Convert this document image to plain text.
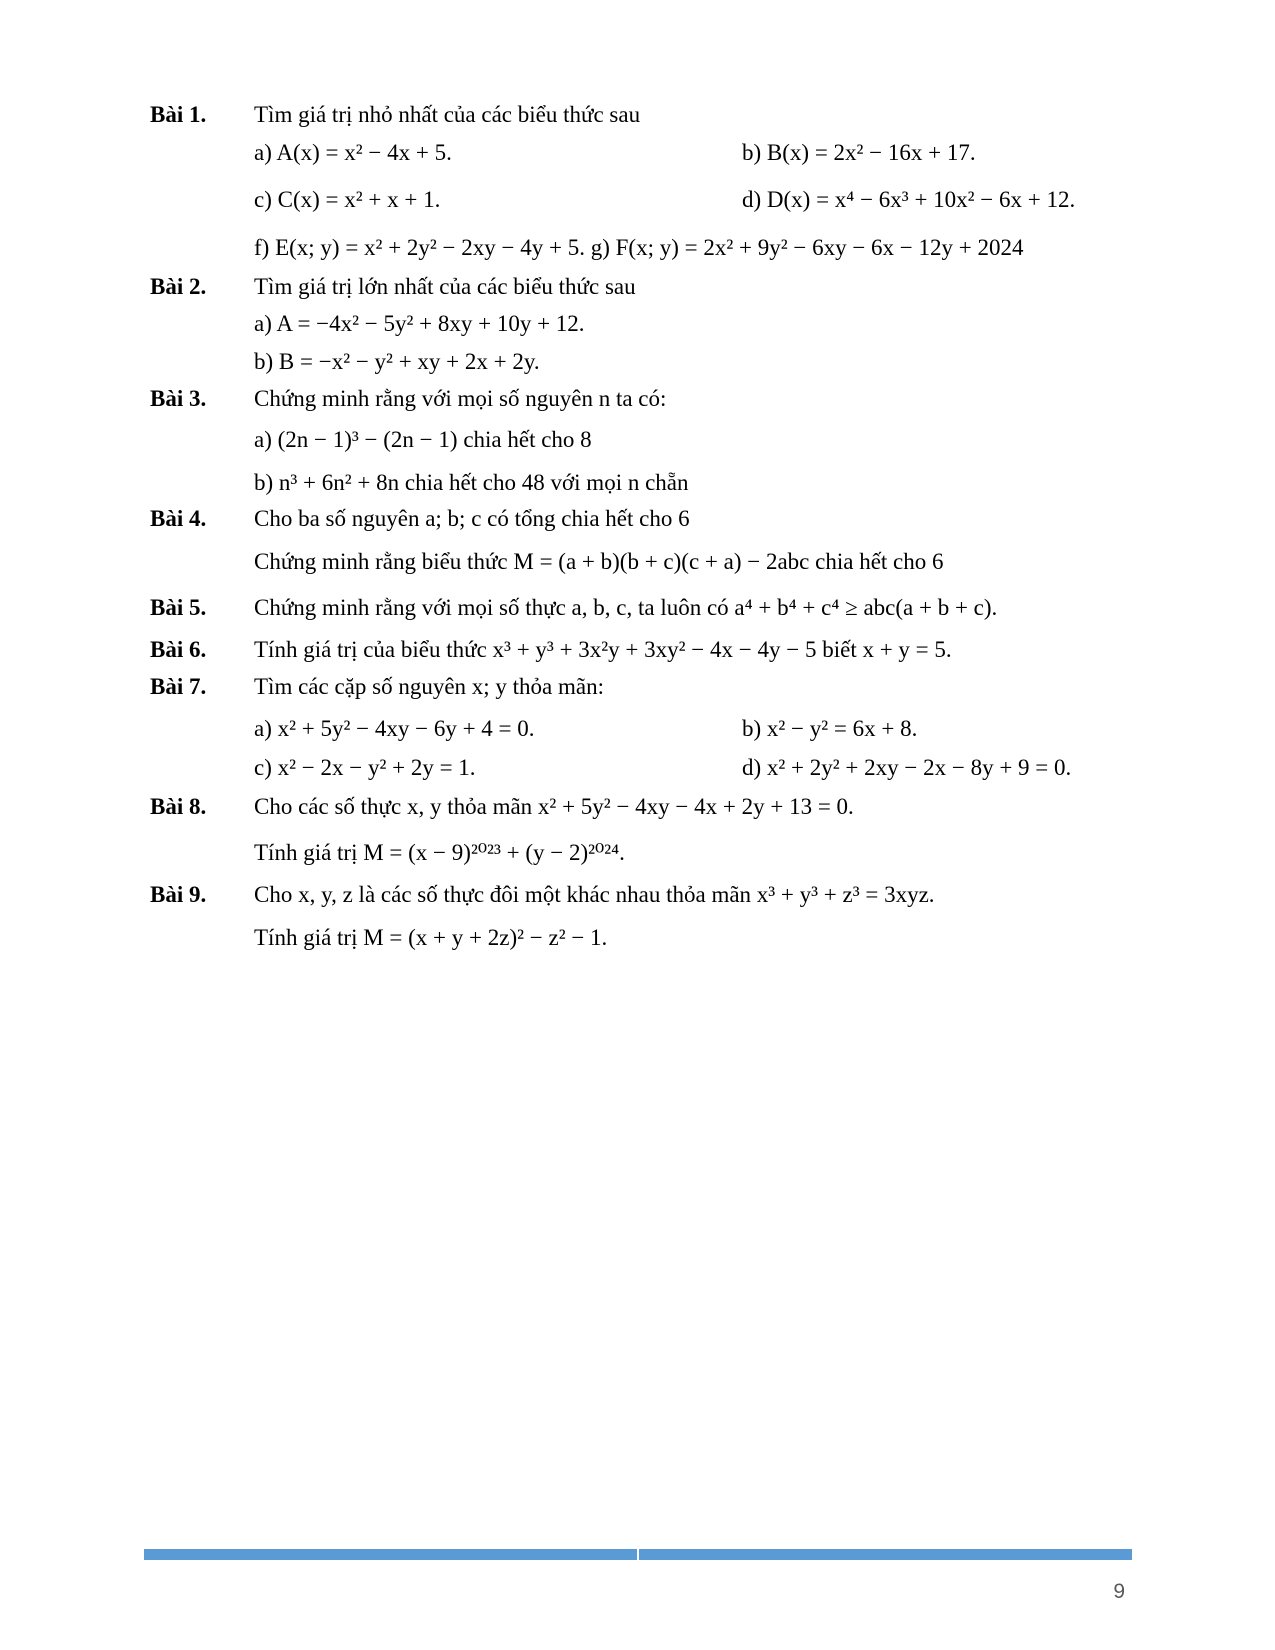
Bài 1. Tìm giá trị nhỏ nhất của các biểu thức sau
a) A(x) = x² − 4x + 5.	b) B(x) = 2x² − 16x + 17.
c) C(x) = x² + x + 1.	d) D(x) = x⁴ − 6x³ + 10x² − 6x + 12.
f) E(x; y) = x² + 2y² − 2xy − 4y + 5. g) F(x; y) = 2x² + 9y² − 6xy − 6x − 12y + 2024
Bài 2. Tìm giá trị lớn nhất của các biểu thức sau
a) A = −4x² − 5y² + 8xy + 10y + 12.
b) B = −x² − y² + xy + 2x + 2y.
Bài 3. Chứng minh rằng với mọi số nguyên n ta có:
a) (2n − 1)³ − (2n − 1) chia hết cho 8
b) n³ + 6n² + 8n chia hết cho 48 với mọi n chẵn
Bài 4. Cho ba số nguyên a; b; c có tổng chia hết cho 6
Chứng minh rằng biểu thức M = (a + b)(b + c)(c + a) − 2abc chia hết cho 6
Bài 5. Chứng minh rằng với mọi số thực a, b, c, ta luôn có a⁴ + b⁴ + c⁴ ≥ abc(a + b + c).
Bài 6. Tính giá trị của biểu thức x³ + y³ + 3x²y + 3xy² − 4x − 4y − 5 biết x + y = 5.
Bài 7. Tìm các cặp số nguyên x; y thỏa mãn:
a) x² + 5y² − 4xy − 6y + 4 = 0.	b) x² − y² = 6x + 8.
c) x² − 2x − y² + 2y = 1.	d) x² + 2y² + 2xy − 2x − 8y + 9 = 0.
Bài 8. Cho các số thực x, y thỏa mãn x² + 5y² − 4xy − 4x + 2y + 13 = 0.
Tính giá trị M = (x − 9)²⁰²³ + (y − 2)²⁰²⁴.
Bài 9. Cho x, y, z là các số thực đôi một khác nhau thỏa mãn x³ + y³ + z³ = 3xyz.
Tính giá trị M = (x + y + 2z)² − z² − 1.
9
